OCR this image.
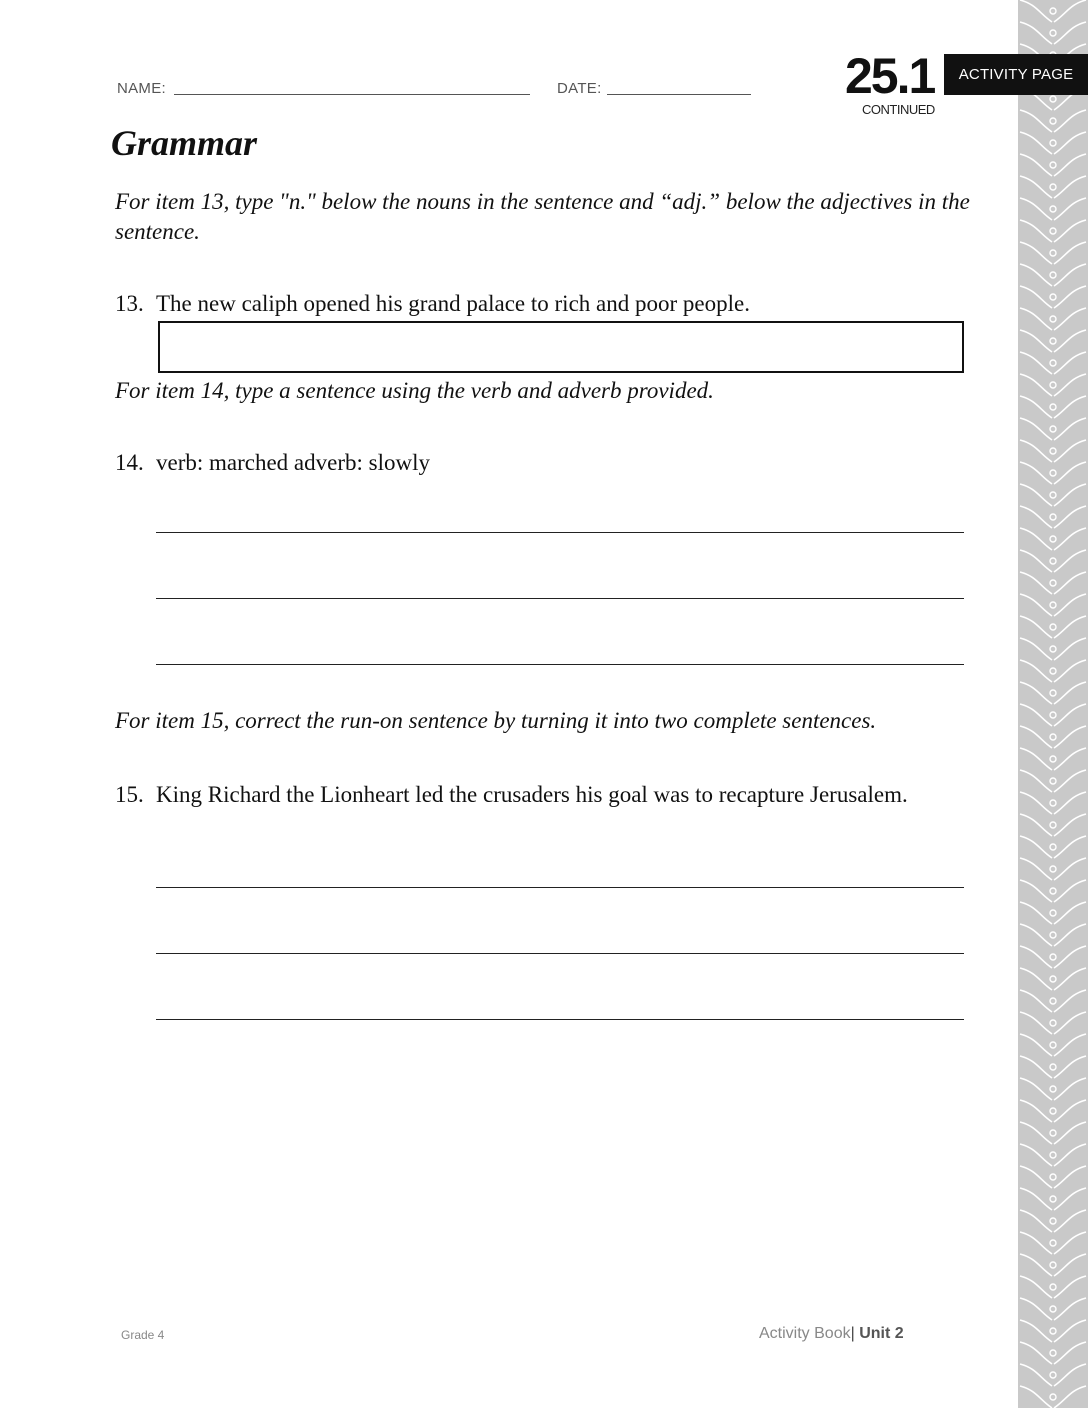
NAME:	DATE:	25.1
CONTINUED
ACTIVITY PAGE
Grammar
For item 13, type "n." below the nouns in the sentence and “adj.” below the adjectives in the sentence.
13. The new caliph opened his grand palace to rich and poor people.
For item 14, type a sentence using the verb and adverb provided.
14. verb: marched adverb: slowly
For item 15, correct the run-on sentence by turning it into two complete sentences.
15. King Richard the Lionheart led the crusaders his goal was to recapture Jerusalem.
Grade 4	Activity Book| Unit 2
